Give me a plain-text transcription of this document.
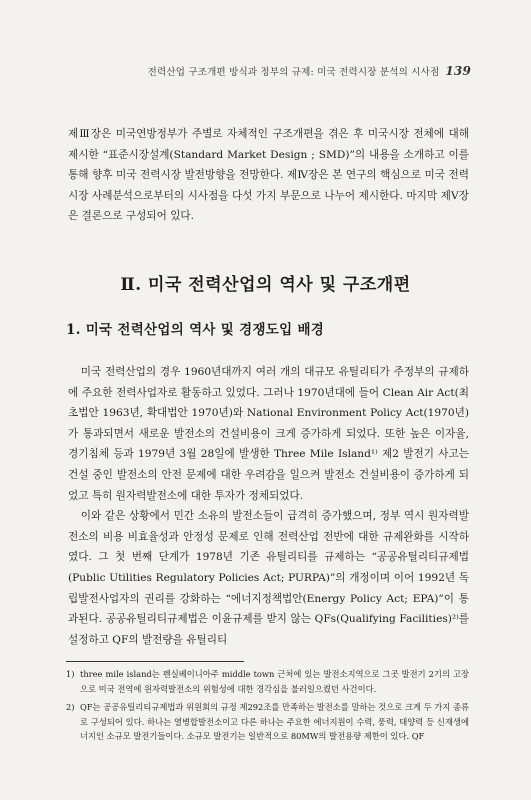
전력산업 구조개편 방식과 정부의 규제: 미국 전력시장 분석의 시사점 139

제Ⅲ장은 미국연방정부가 주별로 자체적인 구조개편을 겪은 후 미국시장 전체에 대해 제시한 “표준시장설계(Standard Market Design ; SMD)”의 내용을 소개하고 이를 통해 향후 미국 전력시장 발전방향을 전망한다. 제Ⅳ장은 본 연구의 핵심으로 미국 전력시장 사례분석으로부터의 시사점을 다섯 가지 부문으로 나누어 제시한다. 마지막 제Ⅴ장은 결론으로 구성되어 있다.

Ⅱ. 미국 전력산업의 역사 및 구조개편
1. 미국 전력산업의 역사 및 경쟁도입 배경

미국 전력산업의 경우 1960년대까지 여러 개의 대규모 유틸리티가 주정부의 규제하에 주요한 전력사업자로 활동하고 있었다. 그러나 1970년대에 들어 Clean Air Act(최초법안 1963년, 확대법안 1970년)와 National Environment Policy Act(1970년)가 통과되면서 새로운 발전소의 건설비용이 크게 증가하게 되었다. 또한 높은 이자율, 경기침체 등과 1979년 3월 28일에 발생한 Three Mile Island¹⁾ 제2 발전기 사고는 건설 중인 발전소의 안전 문제에 대한 우려감을 일으켜 발전소 건설비용이 증가하게 되었고 특히 원자력발전소에 대한 투자가 정체되었다.

이와 같은 상황에서 민간 소유의 발전소들이 급격히 증가했으며, 정부 역시 원자력발전소의 비용 비효율성과 안정성 문제로 인해 전력산업 전반에 대한 규제완화를 시작하였다. 그 첫 번째 단계가 1978년 기존 유틸리티를 규제하는 “공공유틸리티규제법(Public Utilities Regulatory Policies Act; PURPA)”의 개정이며 이어 1992년 독립발전사업자의 권리를 강화하는 “에너지정책법안(Energy Policy Act; EPA)”이 통과된다. 공공유틸리티규제법은 이윤규제를 받지 않는 QFs(Qualifying Facilities)²⁾를 설정하고 QF의 발전량을 유틸리티

1) three mile island는 펜실베이니아주 middle town 근처에 있는 발전소지역으로 그곳 발전기 2기의 고장으로 미국 전역에 원자력발전소의 위험성에 대한 경각심을 불러일으켰던 사건이다.
2) QF는 공공유틸리티규제법과 위원회의 규정 제292조를 만족하는 발전소를 말하는 것으로 크게 두 가지 종류로 구성되어 있다. 하나는 열병합발전소이고 다른 하나는 주요한 에너지원이 수력, 풍력, 태양력 등 신재생에너지인 소규모 발전기들이다. 소규모 발전기는 일반적으로 80MW의 발전용량 제한이 있다. QF
